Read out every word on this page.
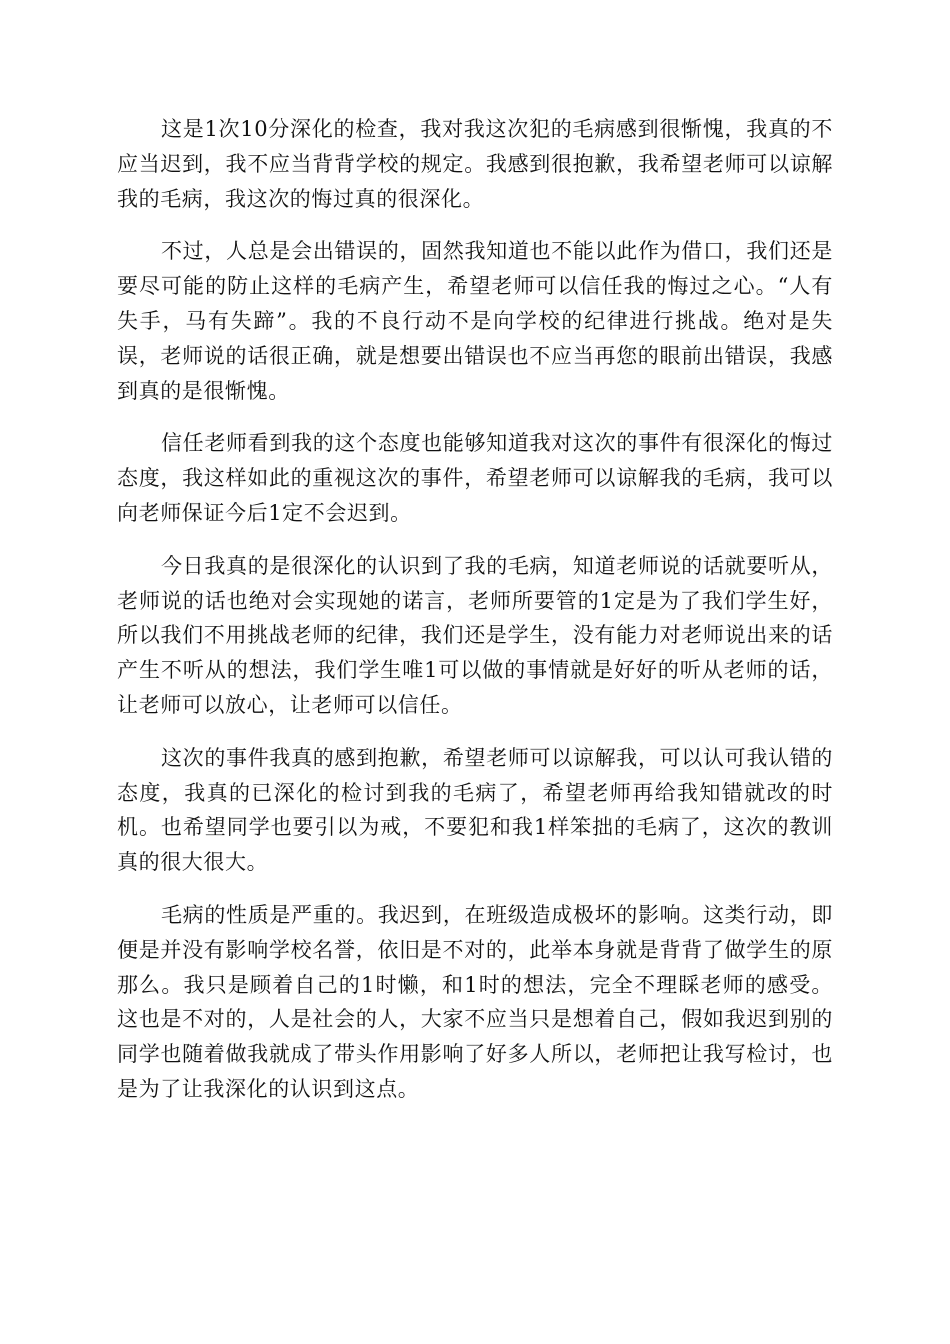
这是1次10分深化的检查，我对我这次犯的毛病感到很惭愧，我真的不应当迟到，我不应当背背学校的规定。我感到很抱歉，我希望老师可以谅解我的毛病，我这次的悔过真的很深化。

不过，人总是会出错误的，固然我知道也不能以此作为借口，我们还是要尽可能的防止这样的毛病产生，希望老师可以信任我的悔过之心。“人有失手，马有失蹄”。我的不良行动不是向学校的纪律进行挑战。绝对是失误，老师说的话很正确，就是想要出错误也不应当再您的眼前出错误，我感到真的是很惭愧。

信任老师看到我的这个态度也能够知道我对这次的事件有很深化的悔过态度，我这样如此的重视这次的事件，希望老师可以谅解我的毛病，我可以向老师保证今后1定不会迟到。

今日我真的是很深化的认识到了我的毛病，知道老师说的话就要听从，老师说的话也绝对会实现她的诺言，老师所要管的1定是为了我们学生好，所以我们不用挑战老师的纪律，我们还是学生，没有能力对老师说出来的话产生不听从的想法，我们学生唯1可以做的事情就是好好的听从老师的话，让老师可以放心，让老师可以信任。

这次的事件我真的感到抱歉，希望老师可以谅解我，可以认可我认错的态度，我真的已深化的检讨到我的毛病了，希望老师再给我知错就改的时机。也希望同学也要引以为戒，不要犯和我1样笨拙的毛病了，这次的教训真的很大很大。

毛病的性质是严重的。我迟到，在班级造成极坏的影响。这类行动，即便是并没有影响学校名誉，依旧是不对的，此举本身就是背背了做学生的原那么。我只是顾着自己的1时懒，和1时的想法，完全不理睬老师的感受。这也是不对的，人是社会的人，大家不应当只是想着自己，假如我迟到别的同学也随着做我就成了带头作用影响了好多人所以，老师把让我写检讨，也是为了让我深化的认识到这点。
